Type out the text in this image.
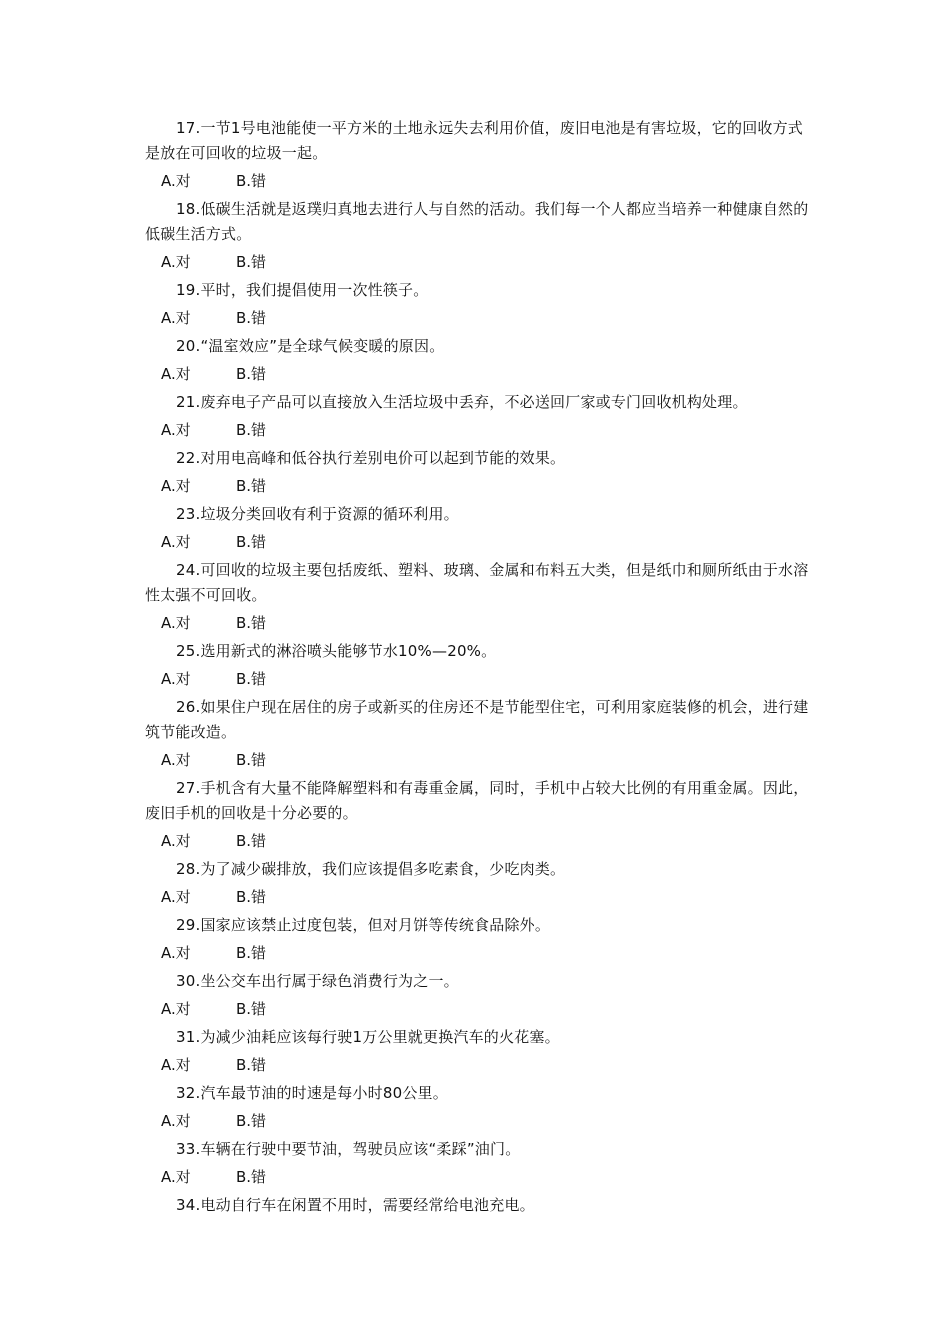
17.一节1号电池能使一平方米的土地永远失去利用价值，废旧电池是有害垃圾，它的回收方式是放在可回收的垃圾一起。

A.对	B.错

18.低碳生活就是返璞归真地去进行人与自然的活动。我们每一个人都应当培养一种健康自然的低碳生活方式。

A.对	B.错

19.平时，我们提倡使用一次性筷子。

A.对	B.错

20.“温室效应”是全球气候变暖的原因。

A.对	B.错

21.废弃电子产品可以直接放入生活垃圾中丢弃，不必送回厂家或专门回收机构处理。

A.对	B.错

22.对用电高峰和低谷执行差别电价可以起到节能的效果。

A.对	B.错

23.垃圾分类回收有利于资源的循环利用。

A.对	B.错

24.可回收的垃圾主要包括废纸、塑料、玻璃、金属和布料五大类，但是纸巾和厕所纸由于水溶性太强不可回收。

A.对	B.错

25.选用新式的淋浴喷头能够节水10%—20%。

A.对	B.错

26.如果住户现在居住的房子或新买的住房还不是节能型住宅，可利用家庭装修的机会，进行建筑节能改造。

A.对	B.错

27.手机含有大量不能降解塑料和有毒重金属，同时，手机中占较大比例的有用重金属。因此，废旧手机的回收是十分必要的。

A.对	B.错

28.为了减少碳排放，我们应该提倡多吃素食，少吃肉类。

A.对	B.错

29.国家应该禁止过度包装，但对月饼等传统食品除外。

A.对	B.错

30.坐公交车出行属于绿色消费行为之一。

A.对	B.错

31.为减少油耗应该每行驶1万公里就更换汽车的火花塞。

A.对	B.错

32.汽车最节油的时速是每小时80公里。

A.对	B.错

33.车辆在行驶中要节油，驾驶员应该“柔踩”油门。

A.对	B.错

34.电动自行车在闲置不用时，需要经常给电池充电。
